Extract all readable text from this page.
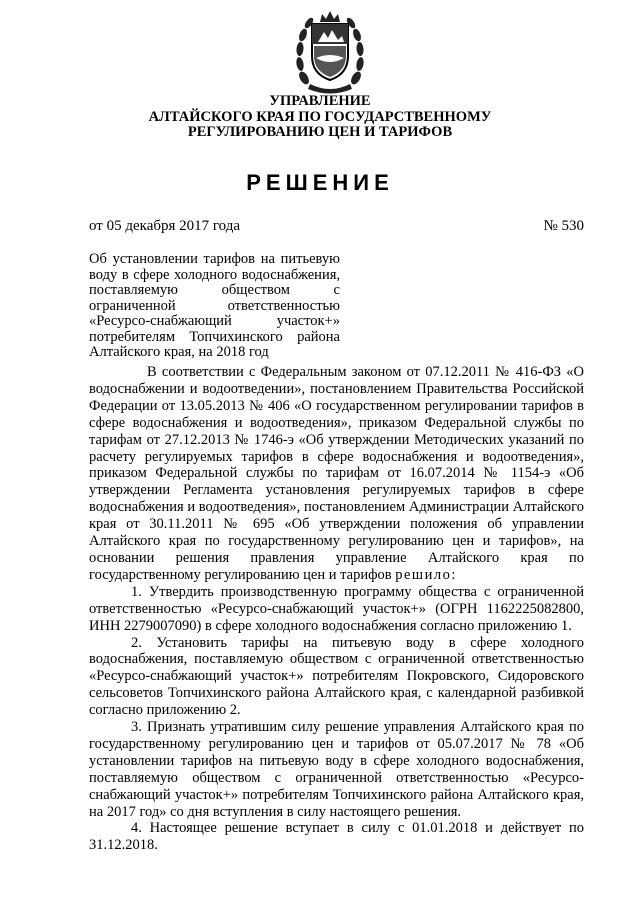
УПРАВЛЕНИЕ
АЛТАЙСКОГО КРАЯ ПО ГОСУДАРСТВЕННОМУ
РЕГУЛИРОВАНИЮ ЦЕН И ТАРИФОВ
РЕШЕНИЕ
от 05 декабря 2017 года	№ 530
Об установлении тарифов на питьевую воду в сфере холодного водоснабжения, поставляемую обществом с ограниченной ответственностью «Ресурсо-снабжающий участок+» потребителям Топчихинского района Алтайского края, на 2018 год

В соответствии с Федеральным законом от 07.12.2011 № 416-ФЗ «О водоснабжении и водоотведении», постановлением Правительства Российской Федерации от 13.05.2013 № 406 «О государственном регулировании тарифов в сфере водоснабжения и водоотведения», приказом Федеральной службы по тарифам от 27.12.2013 № 1746-э «Об утверждении Методических указаний по расчету регулируемых тарифов в сфере водоснабжения и водоотведения», приказом Федеральной службы по тарифам от 16.07.2014 № 1154-э «Об утверждении Регламента установления регулируемых тарифов в сфере водоснабжения и водоотведения», постановлением Администрации Алтайского края от 30.11.2011 № 695 «Об утверждении положения об управлении Алтайского края по государственному регулированию цен и тарифов», на основании решения правления управление Алтайского края по государственному регулированию цен и тарифов решило:

1. Утвердить производственную программу общества с ограниченной ответственностью «Ресурсо-снабжающий участок+» (ОГРН 1162225082800, ИНН 2279007090) в сфере холодного водоснабжения согласно приложению 1.

2. Установить тарифы на питьевую воду в сфере холодного водоснабжения, поставляемую обществом с ограниченной ответственностью «Ресурсо-снабжающий участок+» потребителям Покровского, Сидоровского сельсоветов Топчихинского района Алтайского края, с календарной разбивкой согласно приложению 2.

3. Признать утратившим силу решение управления Алтайского края по государственному регулированию цен и тарифов от 05.07.2017 № 78 «Об установлении тарифов на питьевую воду в сфере холодного водоснабжения, поставляемую обществом с ограниченной ответственностью «Ресурсо-снабжающий участок+» потребителям Топчихинского района Алтайского края, на 2017 год» со дня вступления в силу настоящего решения.

4. Настоящее решение вступает в силу с 01.01.2018 и действует по 31.12.2018.
